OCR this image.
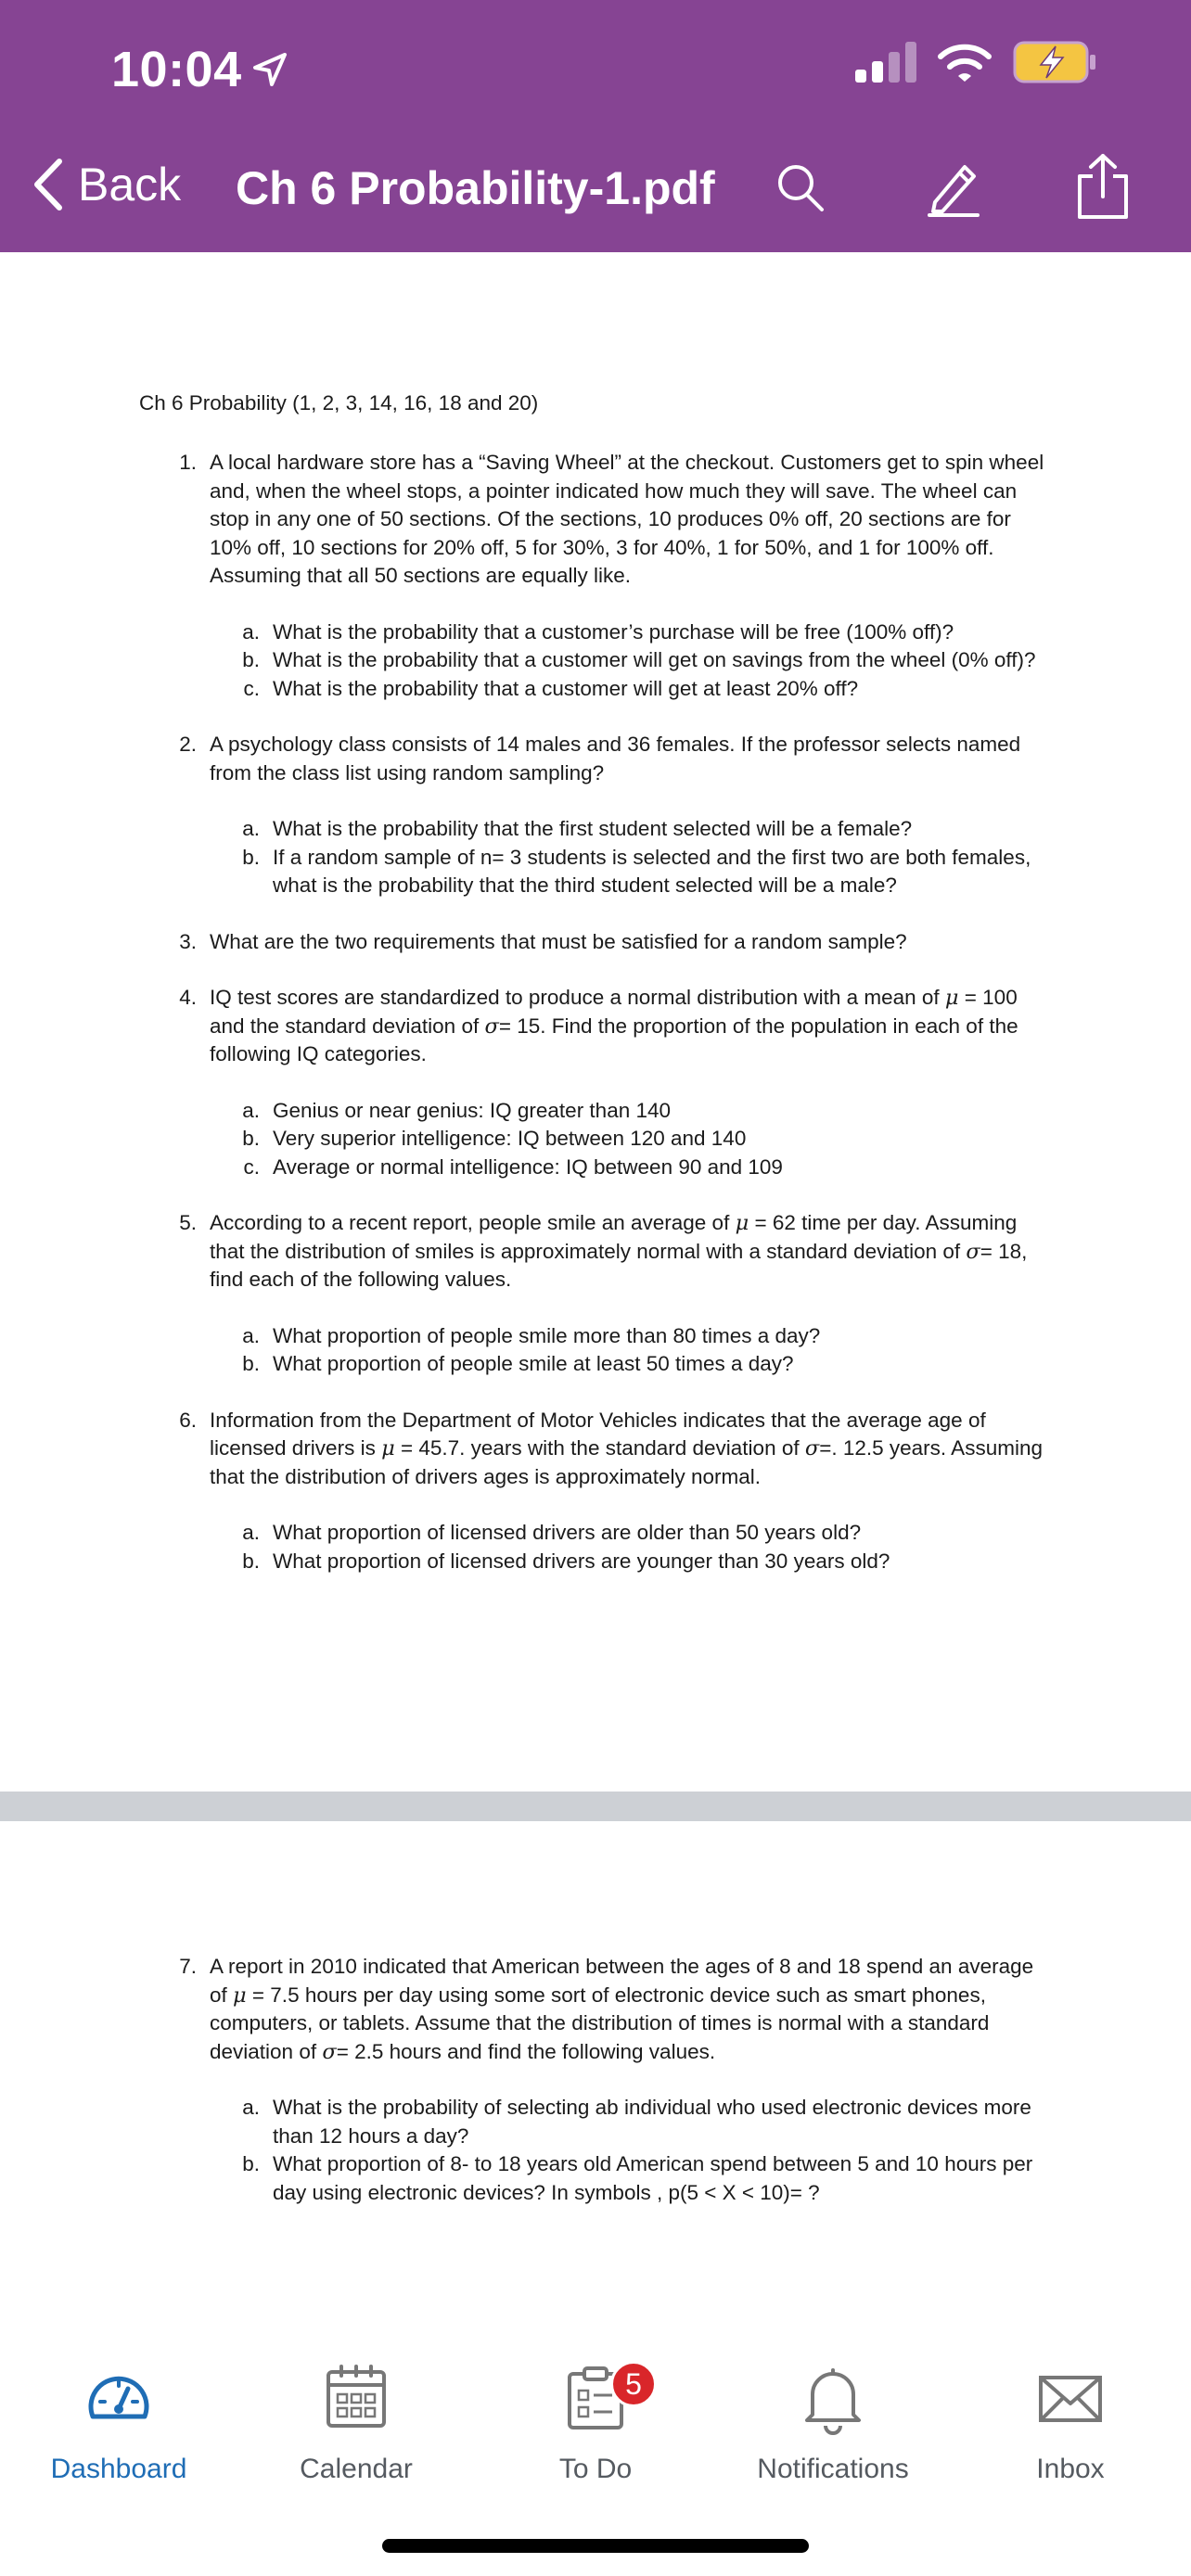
10:04
Back Ch 6 Probability-1.pdf
Ch 6 Probability (1, 2, 3, 14, 16, 18 and 20)
1. A local hardware store has a “Saving Wheel” at the checkout. Customers get to spin wheel and, when the wheel stops, a pointer indicated how much they will save. The wheel can stop in any one of 50 sections. Of the sections, 10 produces 0% off, 20 sections are for 10% off, 10 sections for 20% off, 5 for 30%, 3 for 40%, 1 for 50%, and 1 for 100% off. Assuming that all 50 sections are equally like.
a. What is the probability that a customer’s purchase will be free (100% off)?
b. What is the probability that a customer will get on savings from the wheel (0% off)?
c. What is the probability that a customer will get at least 20% off?
2. A psychology class consists of 14 males and 36 females. If the professor selects named from the class list using random sampling?
a. What is the probability that the first student selected will be a female?
b. If a random sample of n= 3 students is selected and the first two are both females, what is the probability that the third student selected will be a male?
3. What are the two requirements that must be satisfied for a random sample?
4. IQ test scores are standardized to produce a normal distribution with a mean of μ = 100 and the standard deviation of σ= 15. Find the proportion of the population in each of the following IQ categories.
a. Genius or near genius: IQ greater than 140
b. Very superior intelligence: IQ between 120 and 140
c. Average or normal intelligence: IQ between 90 and 109
5. According to a recent report, people smile an average of μ = 62 time per day. Assuming that the distribution of smiles is approximately normal with a standard deviation of σ= 18, find each of the following values.
a. What proportion of people smile more than 80 times a day?
b. What proportion of people smile at least 50 times a day?
6. Information from the Department of Motor Vehicles indicates that the average age of licensed drivers is μ = 45.7. years with the standard deviation of σ=. 12.5 years. Assuming that the distribution of drivers ages is approximately normal.
a. What proportion of licensed drivers are older than 50 years old?
b. What proportion of licensed drivers are younger than 30 years old?
7. A report in 2010 indicated that American between the ages of 8 and 18 spend an average of μ = 7.5 hours per day using some sort of electronic device such as smart phones, computers, or tablets. Assume that the distribution of times is normal with a standard deviation of σ= 2.5 hours and find the following values.
a. What is the probability of selecting ab individual who used electronic devices more than 12 hours a day?
b. What proportion of 8- to 18 years old American spend between 5 and 10 hours per day using electronic devices? In symbols , p(5 < X < 10)= ?
Dashboard	Calendar
5
To Do	Notifications	Inbox
